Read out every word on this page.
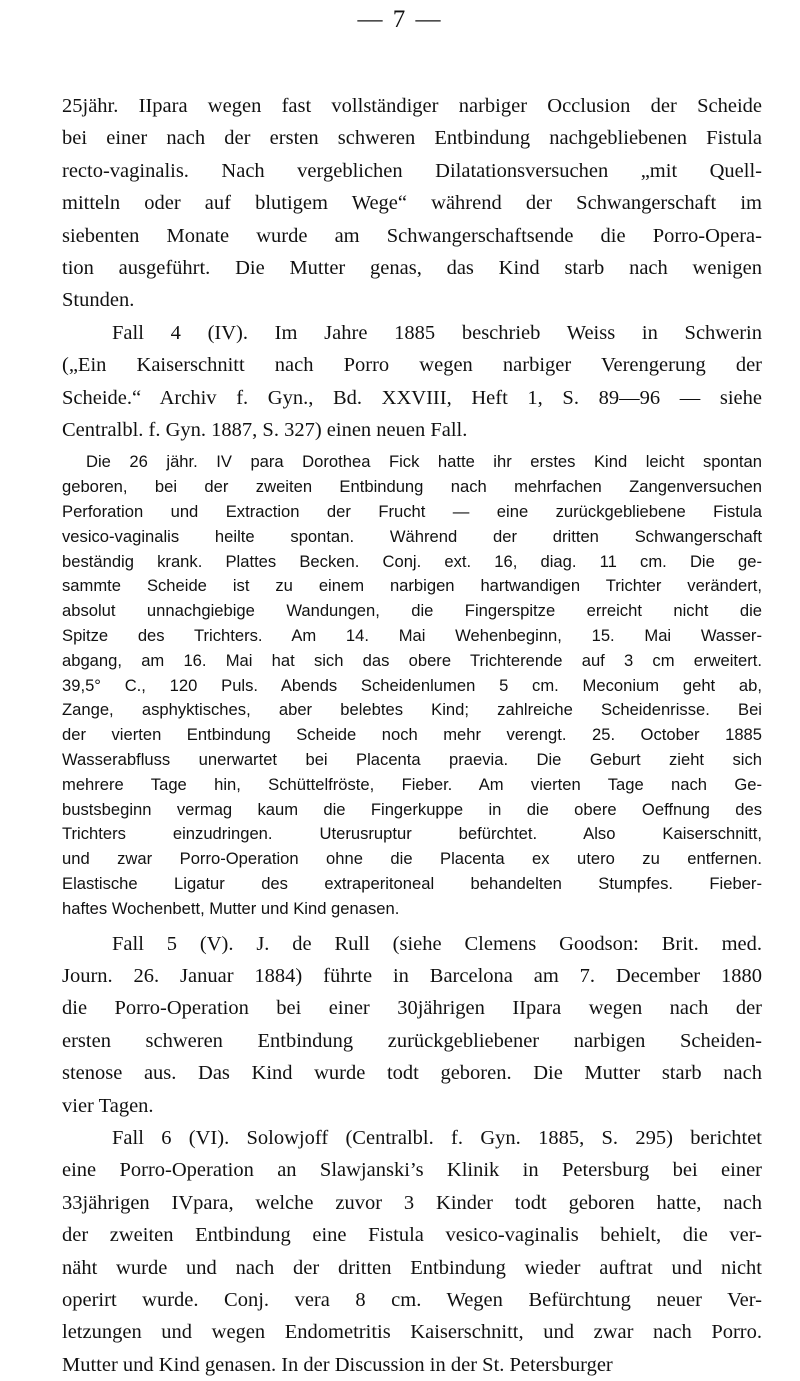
— 7 —
25jähr. IIpara wegen fast vollständiger narbiger Occlusion der Scheide
bei einer nach der ersten schweren Entbindung nachgebliebenen Fistula
recto-vaginalis. Nach vergeblichen Dilatationsversuchen „mit Quell-
mitteln oder auf blutigem Wege“ während der Schwangerschaft im
siebenten Monate wurde am Schwangerschaftsende die Porro-Opera-
tion ausgeführt. Die Mutter genas, das Kind starb nach wenigen
Stunden.
Fall 4 (IV). Im Jahre 1885 beschrieb Weiss in Schwerin
(„Ein Kaiserschnitt nach Porro wegen narbiger Verengerung der
Scheide.“ Archiv f. Gyn., Bd. XXVIII, Heft 1, S. 89—96 — siehe
Centralbl. f. Gyn. 1887, S. 327) einen neuen Fall.
Die 26 jähr. IV para Dorothea Fick hatte ihr erstes Kind leicht spontan
geboren, bei der zweiten Entbindung nach mehrfachen Zangenversuchen
Perforation und Extraction der Frucht — eine zurückgebliebene Fistula
vesico-vaginalis heilte spontan. Während der dritten Schwangerschaft
beständig krank. Plattes Becken. Conj. ext. 16, diag. 11 cm. Die ge-
sammte Scheide ist zu einem narbigen hartwandigen Trichter verändert,
absolut unnachgiebige Wandungen, die Fingerspitze erreicht nicht die
Spitze des Trichters. Am 14. Mai Wehenbeginn, 15. Mai Wasser-
abgang, am 16. Mai hat sich das obere Trichterende auf 3 cm erweitert.
39,5° C., 120 Puls. Abends Scheidenlumen 5 cm. Meconium geht ab,
Zange, asphyktisches, aber belebtes Kind; zahlreiche Scheidenrisse. Bei
der vierten Entbindung Scheide noch mehr verengt. 25. October 1885
Wasserabfluss unerwartet bei Placenta praevia. Die Geburt zieht sich
mehrere Tage hin, Schüttelfröste, Fieber. Am vierten Tage nach Ge-
bustsbeginn vermag kaum die Fingerkuppe in die obere Oeffnung des
Trichters einzudringen. Uterusruptur befürchtet. Also Kaiserschnitt,
und zwar Porro-Operation ohne die Placenta ex utero zu entfernen.
Elastische Ligatur des extraperitoneal behandelten Stumpfes. Fieber-
haftes Wochenbett, Mutter und Kind genasen.
Fall 5 (V). J. de Rull (siehe Clemens Goodson: Brit. med.
Journ. 26. Januar 1884) führte in Barcelona am 7. December 1880
die Porro-Operation bei einer 30jährigen IIpara wegen nach der
ersten schweren Entbindung zurückgebliebener narbigen Scheiden-
stenose aus. Das Kind wurde todt geboren. Die Mutter starb nach
vier Tagen.
Fall 6 (VI). Solowjoff (Centralbl. f. Gyn. 1885, S. 295) berichtet
eine Porro-Operation an Slawjanski’s Klinik in Petersburg bei einer
33jährigen IVpara, welche zuvor 3 Kinder todt geboren hatte, nach
der zweiten Entbindung eine Fistula vesico-vaginalis behielt, die ver-
näht wurde und nach der dritten Entbindung wieder auftrat und nicht
operirt wurde. Conj. vera 8 cm. Wegen Befürchtung neuer Ver-
letzungen und wegen Endometritis Kaiserschnitt, und zwar nach Porro.
Mutter und Kind genasen. In der Discussion in der St. Petersburger
